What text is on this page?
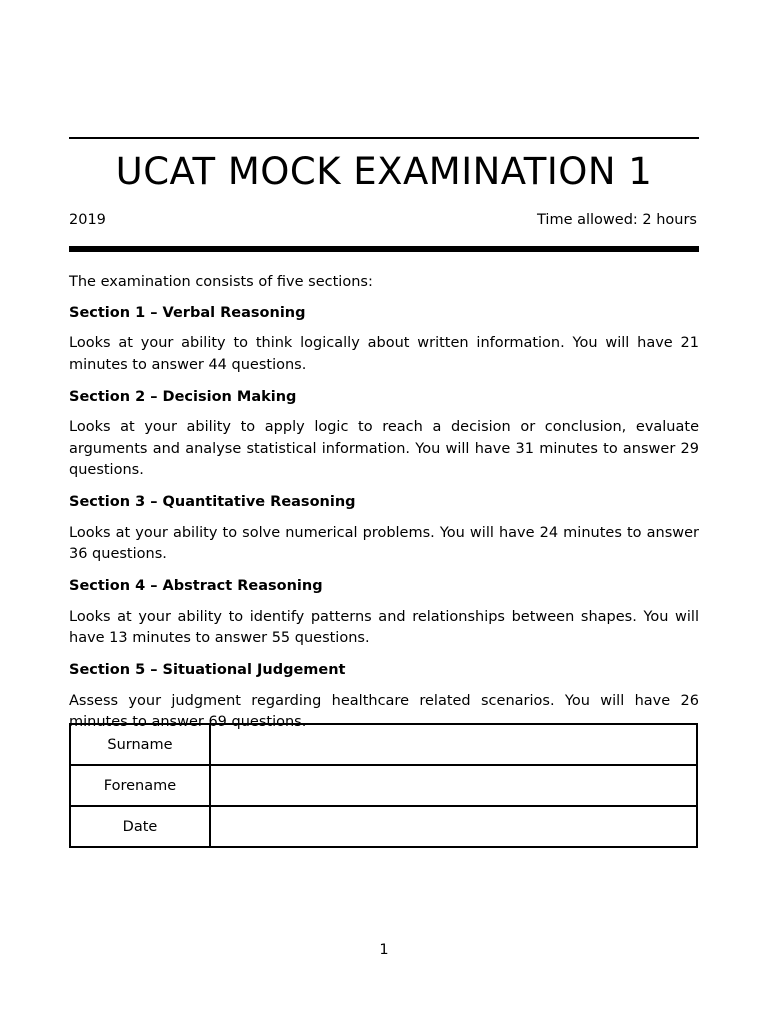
UCAT MOCK EXAMINATION 1
2019	Time allowed: 2 hours

The examination consists of five sections:

Section 1 – Verbal Reasoning

Looks at your ability to think logically about written information. You will have 21 minutes to answer 44 questions.

Section 2 – Decision Making

Looks at your ability to apply logic to reach a decision or conclusion, evaluate arguments and analyse statistical information. You will have 31 minutes to answer 29 questions.

Section 3 – Quantitative Reasoning

Looks at your ability to solve numerical problems. You will have 24 minutes to answer 36 questions.

Section 4 – Abstract Reasoning

Looks at your ability to identify patterns and relationships between shapes. You will have 13 minutes to answer 55 questions.

Section 5 – Situational Judgement

Assess your judgment regarding healthcare related scenarios. You will have 26 minutes to answer 69 questions.

Surname	
Forename	
Date	
1
